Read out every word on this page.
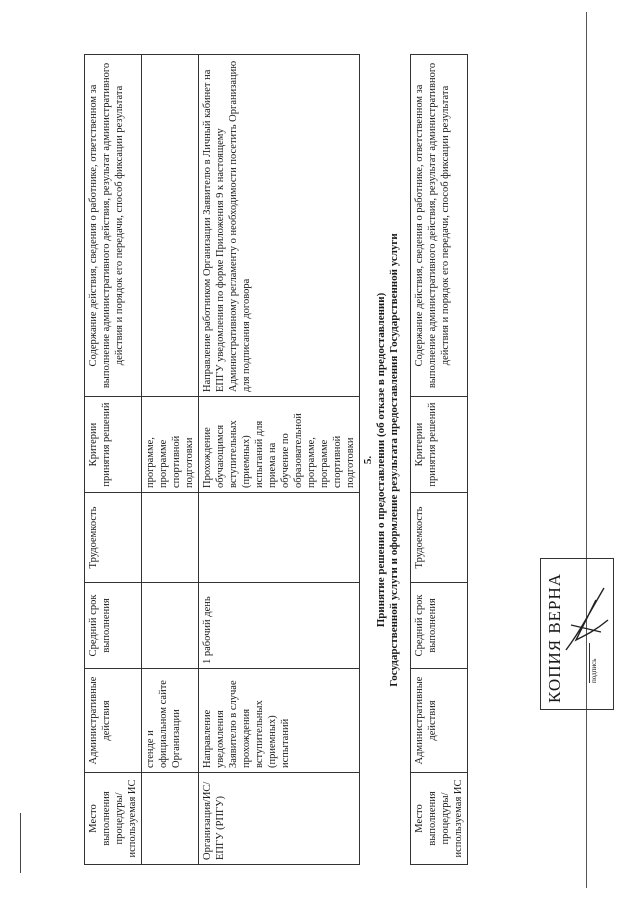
Место выполнения процедуры/используемая ИС	Административные действия	Средний срок выполнения	Трудоемкость	Критерии принятия решений	Содержание действия, сведения о работнике, ответственном за выполнение административного действия, результат административного действия и порядок его передачи, способ фиксации результата
	стенде и официальном сайте Организации			программе, программе спортивной подготовки	
Организация/ИС/ЕПГУ (РПГУ)	Направление уведомления Заявителю в случае прохождения вступительных (приемных) испытаний	1 рабочий день		Прохождение обучающимся вступительных (приемных) испытаний для приема на обучение по образовательной программе, программе спортивной подготовки	Направление работником Организации Заявителю в Личный кабинет на ЕПГУ уведомления по форме Приложения 9 к настоящему Административному регламенту о необходимости посетить Организацию для подписания договора
5. Принятие решения о предоставлении (об отказе в предоставлении) Государственной услуги и оформление результата предоставления Государственной услуги
Место выполнения процедуры/используемая ИС	Административные действия	Средний срок выполнения	Трудоемкость	Критерии принятия решений	Содержание действия, сведения о работнике, ответственном за выполнение административного действия, результат административного действия и порядок его передачи, способ фиксации результата
КОПИЯ ВЕРНА	подпись
